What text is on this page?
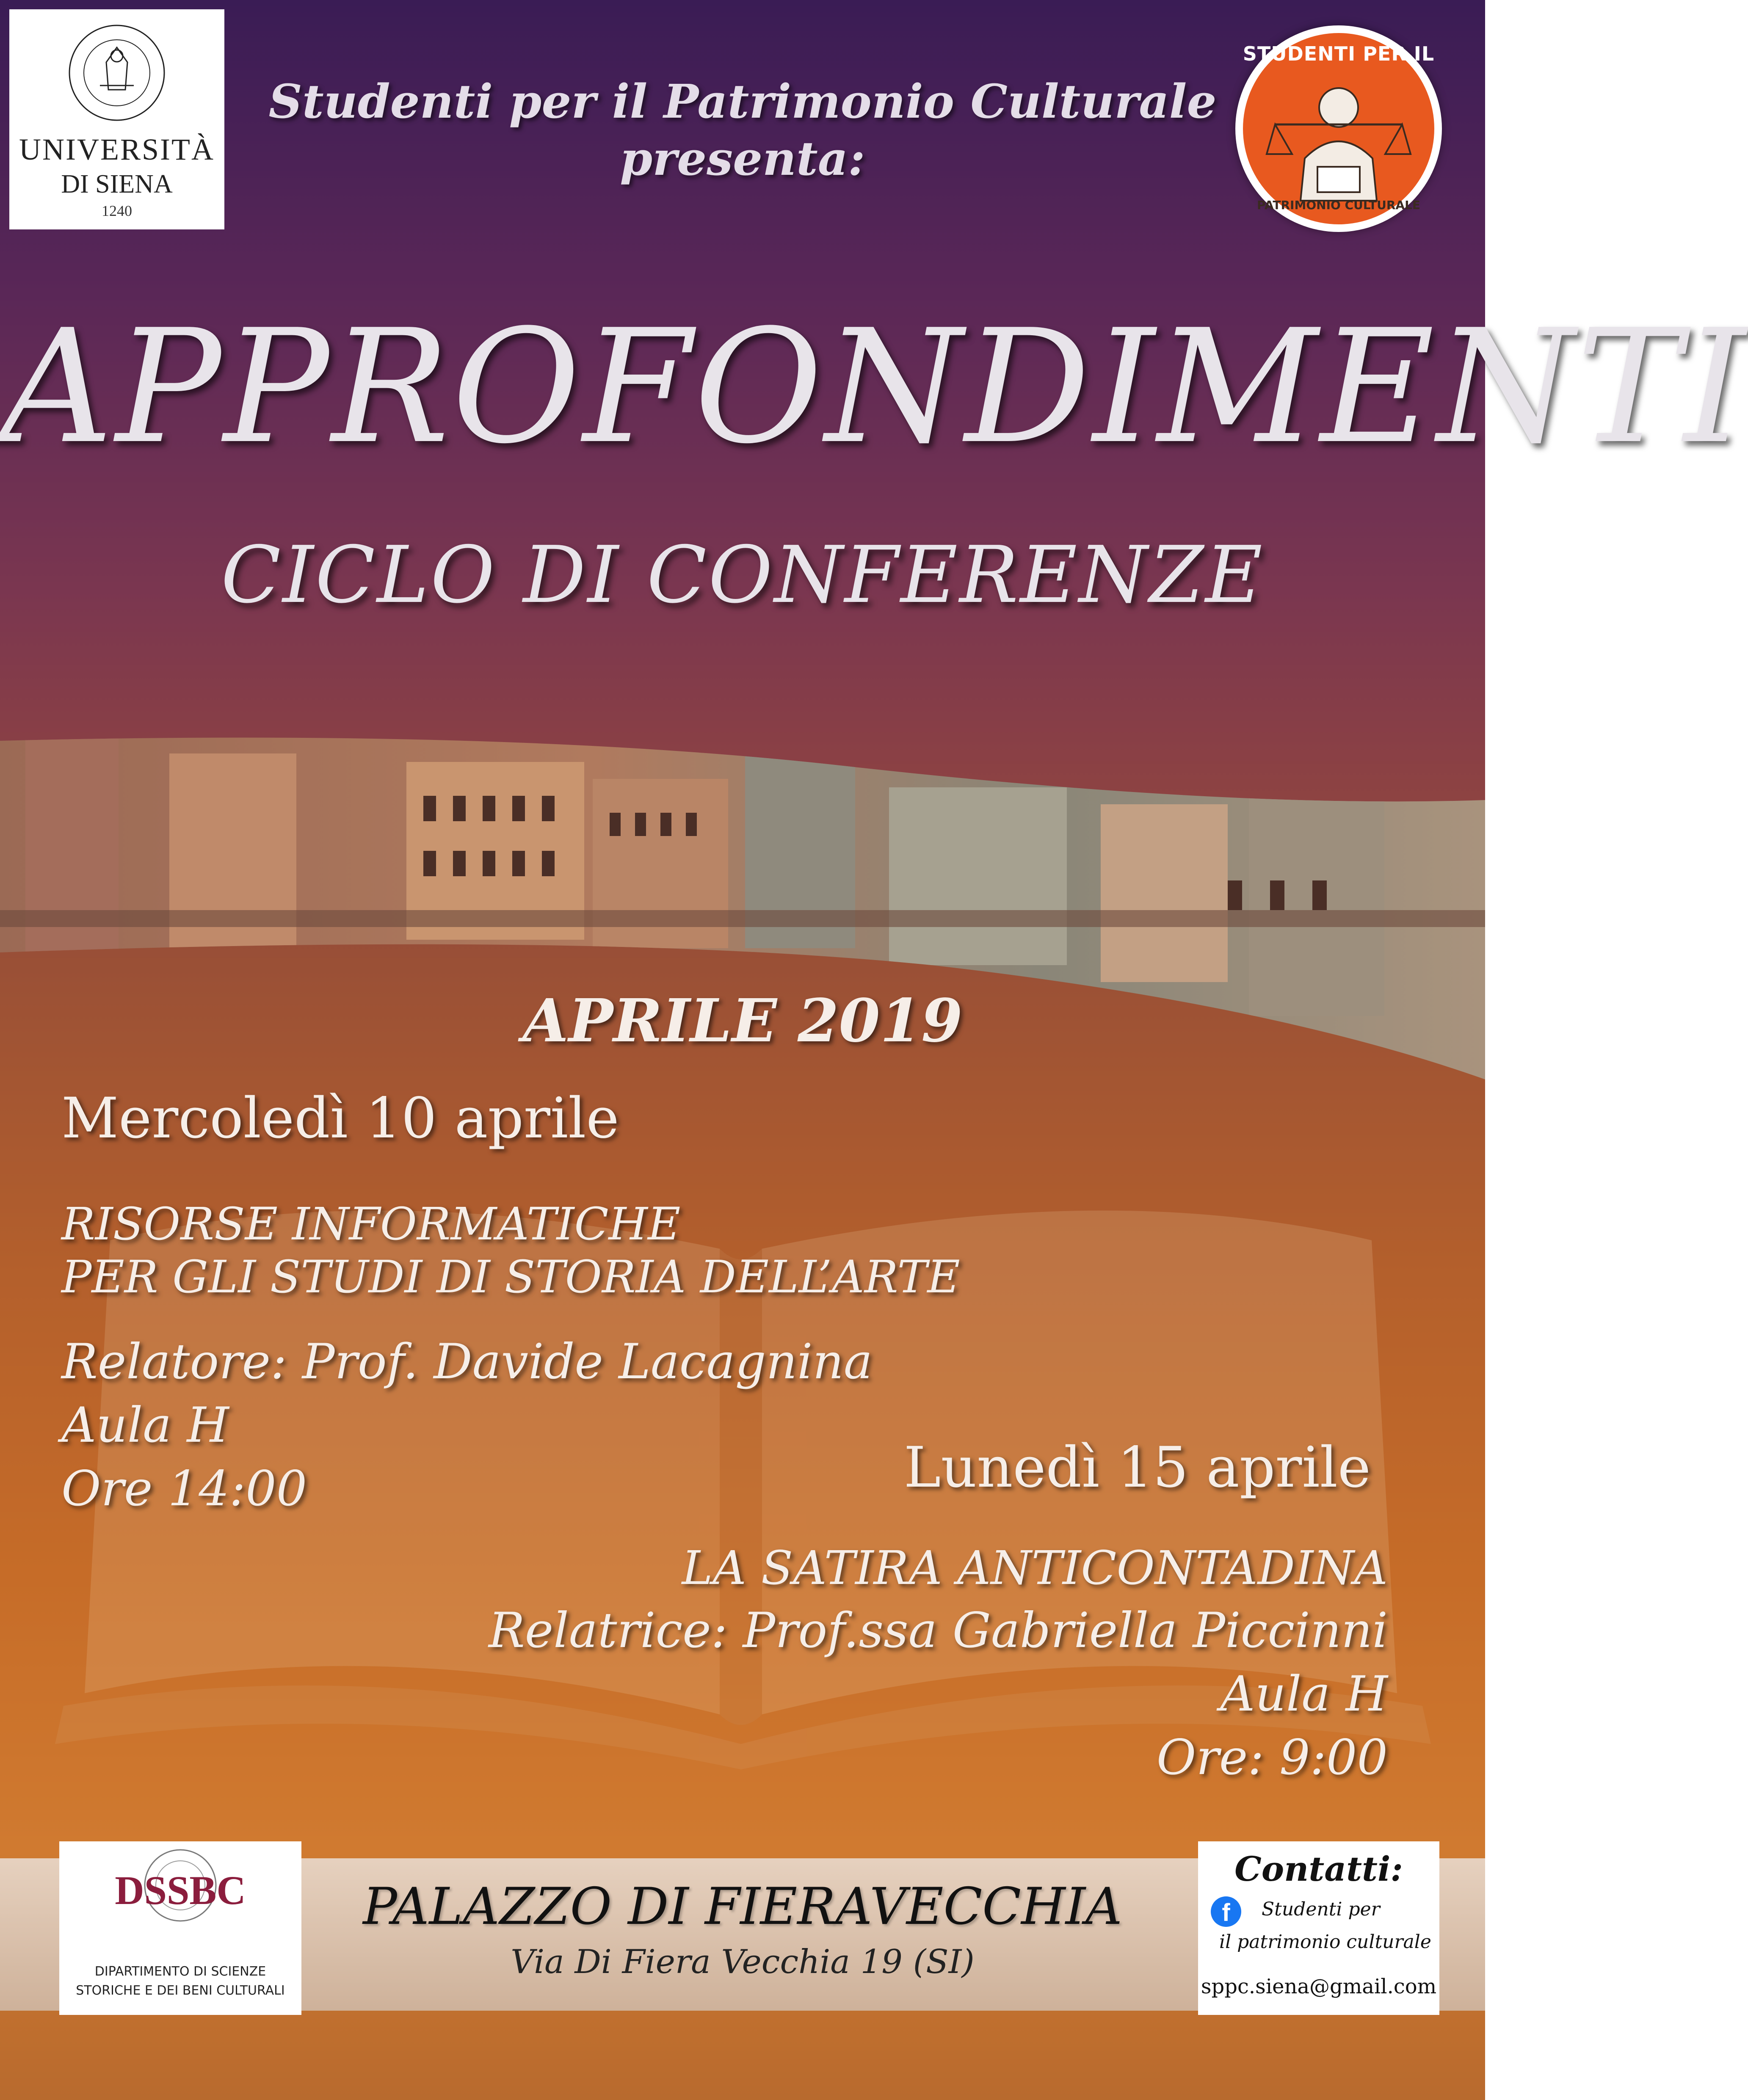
UNIVERSITÀ
DI SIENA
1240
Studenti per il Patrimonio Culturale
presenta:
STUDENTI PER IL
PATRIMONIO CULTURALE
APPROFONDIMENTI
CICLO DI CONFERENZE
APRILE 2019
Mercoledì 10 aprile
RISORSE INFORMATICHE
PER GLI STUDI DI STORIA DELL’ARTE
Relatore: Prof. Davide Lacagnina
Aula H
Ore 14:00	Lunedì 15 aprile
LA SATIRA ANTICONTADINA
Relatrice: Prof.ssa Gabriella Piccinni
Aula H
Ore: 9:00
DSSBC
DIPARTIMENTO DI SCIENZE
STORICHE E DEI BENI CULTURALI
PALAZZO DI FIERAVECCHIA
Via Di Fiera Vecchia 19 (SI)
Contatti:
f	Studenti per
il patrimonio culturale
sppc.siena@gmail.com
